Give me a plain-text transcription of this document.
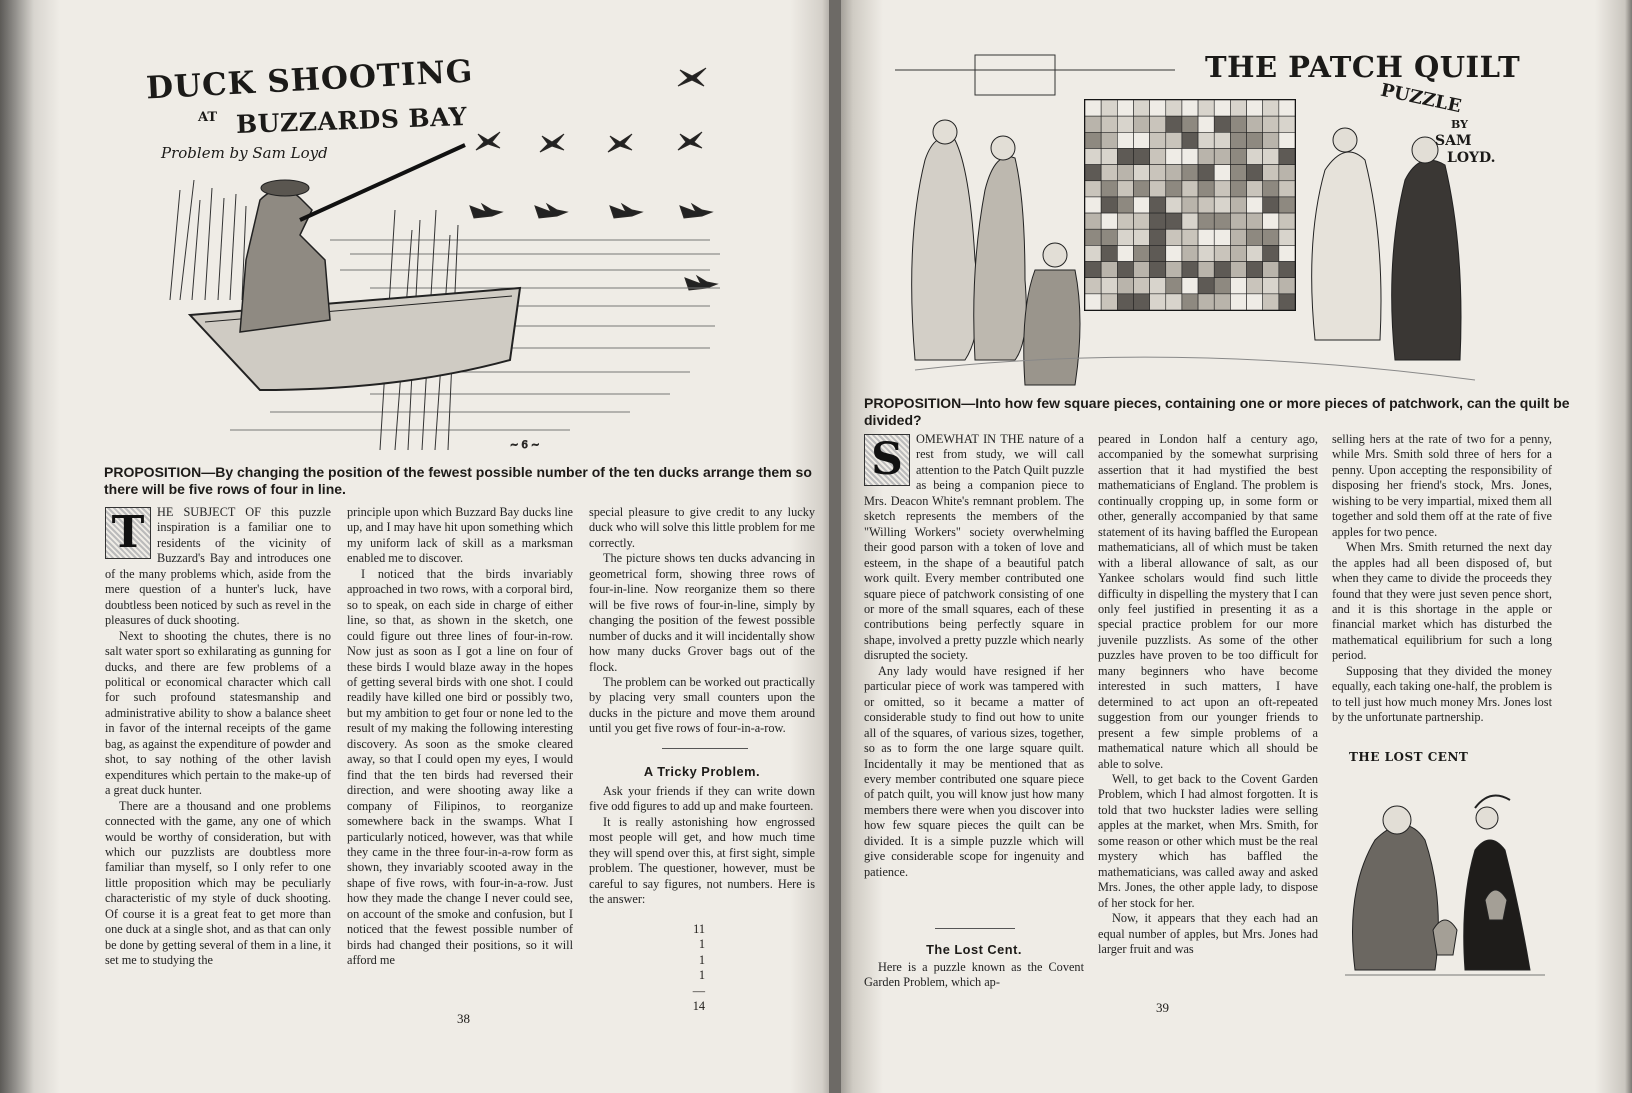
DUCK SHOOTING
AT BUZZARDS BAY
Problem by Sam Loyd
~ 6 ~
PROPOSITION—By changing the position of the fewest possible number of the ten ducks arrange them so there will be five rows of four in line.
T	HE SUBJECT OF this puzzle inspiration is a familiar one to residents of the vicinity of Buzzard's Bay and introduces one of the many problems which, aside from the mere question of a hunter's luck, have doubtless been noticed by such as revel in the pleasures of duck shooting.

Next to shooting the chutes, there is no salt water sport so exhilarating as gunning for ducks, and there are few problems of a political or economical character which call for such profound statesmanship and administrative ability to show a balance sheet in favor of the internal receipts of the game bag, as against the expenditure of powder and shot, to say nothing of the other lavish expenditures which pertain to the make-up of a great duck hunter.

There are a thousand and one problems connected with the game, any one of which would be worthy of consideration, but with which our puzzlists are doubtless more familiar than myself, so I only refer to one little proposition which may be peculiarly characteristic of my style of duck shooting. Of course it is a great feat to get more than one duck at a single shot, and as that can only be done by getting several of them in a line, it set me to studying the

principle upon which Buzzard Bay ducks line up, and I may have hit upon something which my uniform lack of skill as a marksman enabled me to discover.

I noticed that the birds invariably approached in two rows, with a corporal bird, so to speak, on each side in charge of either line, so that, as shown in the sketch, one could figure out three lines of four-in-row. Now just as soon as I got a line on four of these birds I would blaze away in the hopes of getting several birds with one shot. I could readily have killed one bird or possibly two, but my ambition to get four or none led to the result of my making the following interesting discovery. As soon as the smoke cleared away, so that I could open my eyes, I would find that the ten birds had reversed their direction, and were shooting away like a company of Filipinos, to reorganize somewhere back in the swamps. What I particularly noticed, however, was that while they came in the three four-in-a-row form as shown, they invariably scooted away in the shape of five rows, with four-in-a-row. Just how they made the change I never could see, on account of the smoke and confusion, but I noticed that the fewest possible number of birds had changed their positions, so it will afford me

special pleasure to give credit to any lucky duck who will solve this little problem for me correctly.

The picture shows ten ducks advancing in geometrical form, showing three rows of four-in-line. Now reorganize them so there will be five rows of four-in-line, simply by changing the position of the fewest possible number of ducks and it will incidentally show how many ducks Grover bags out of the flock.

The problem can be worked out practically by placing very small counters upon the ducks in the picture and move them around until you get five rows of four-in-a-row.

A Tricky Problem.

Ask your friends if they can write down five odd figures to add up and make fourteen.

It is really astonishing how engrossed most people will get, and how much time they will spend over this, at first sight, simple problem. The questioner, however, must be careful to say figures, not numbers. Here is the answer:

11
1
1
1
—
14
38
THE PATCH QUILT
PUZZLE
BY
SAM
LOYD.
PROPOSITION—Into how few square pieces, containing one or more pieces of patchwork, can the quilt be divided?
S	OMEWHAT IN THE nature of a rest from study, we will call attention to the Patch Quilt puzzle as being a companion piece to Mrs. Deacon White's remnant problem. The sketch represents the members of the "Willing Workers" society overwhelming their good parson with a token of love and esteem, in the shape of a beautiful patch work quilt. Every member contributed one square piece of patchwork consisting of one or more of the small squares, each of these contributions being perfectly square in shape, involved a pretty puzzle which nearly disrupted the society.

Any lady would have resigned if her particular piece of work was tampered with or omitted, so it became a matter of considerable study to find out how to unite all of the squares, of various sizes, together, so as to form the one large square quilt. Incidentally it may be mentioned that as every member contributed one square piece of patch quilt, you will know just how many members there were when you discover into how few square pieces the quilt can be divided. It is a simple puzzle which will give considerable scope for ingenuity and patience.

The Lost Cent.

Here is a puzzle known as the Covent Garden Problem, which ap-

peared in London half a century ago, accompanied by the somewhat surprising assertion that it had mystified the best mathematicians of England. The problem is continually cropping up, in some form or other, generally accompanied by that same statement of its having baffled the European mathematicians, all of which must be taken with a liberal allowance of salt, as our Yankee scholars would find such little difficulty in dispelling the mystery that I can only feel justified in presenting it as a special practice problem for our more juvenile puzzlists. As some of the other puzzles have proven to be too difficult for many beginners who have become interested in such matters, I have determined to act upon an oft-repeated suggestion from our younger friends to present a few simple problems of a mathematical nature which all should be able to solve.

Well, to get back to the Covent Garden Problem, which I had almost forgotten. It is told that two huckster ladies were selling apples at the market, when Mrs. Smith, for some reason or other which must be the real mystery which has baffled the mathematicians, was called away and asked Mrs. Jones, the other apple lady, to dispose of her stock for her.

Now, it appears that they each had an equal number of apples, but Mrs. Jones had larger fruit and was

selling hers at the rate of two for a penny, while Mrs. Smith sold three of hers for a penny. Upon accepting the responsibility of disposing her friend's stock, Mrs. Jones, wishing to be very impartial, mixed them all together and sold them off at the rate of five apples for two pence.

When Mrs. Smith returned the next day the apples had all been disposed of, but when they came to divide the proceeds they found that they were just seven pence short, and it is this shortage in the apple or financial market which has disturbed the mathematical equilibrium for such a long period.

Supposing that they divided the money equally, each taking one-half, the problem is to tell just how much money Mrs. Jones lost by the unfortunate partnership.

THE LOST CENT
39
